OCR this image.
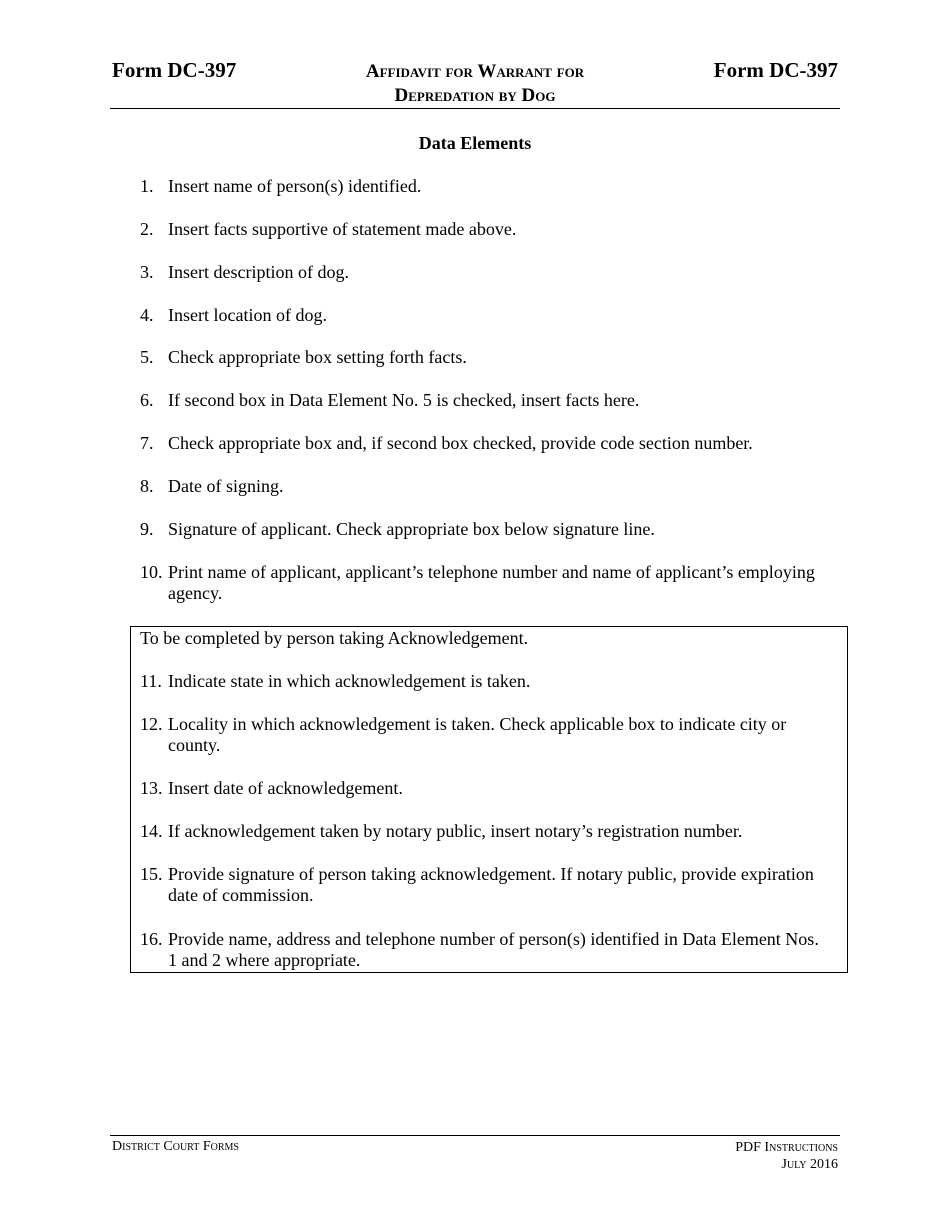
Form DC-397	Affidavit for Warrant for
Depredation by Dog
Form DC-397
Data Elements
1. Insert name of person(s) identified.
2. Insert facts supportive of statement made above.
3. Insert description of dog.
4. Insert location of dog.
5. Check appropriate box setting forth facts.
6. If second box in Data Element No. 5 is checked, insert facts here.
7. Check appropriate box and, if second box checked, provide code section number.
8. Date of signing.
9. Signature of applicant. Check appropriate box below signature line.
10. Print name of applicant, applicant’s telephone number and name of applicant’s employing agency.
To be completed by person taking Acknowledgement.
11. Indicate state in which acknowledgement is taken.
12. Locality in which acknowledgement is taken. Check applicable box to indicate city or county.
13. Insert date of acknowledgement.
14. If acknowledgement taken by notary public, insert notary’s registration number.
15. Provide signature of person taking acknowledgement. If notary public, provide expiration date of commission.
16. Provide name, address and telephone number of person(s) identified in Data Element Nos. 1 and 2 where appropriate.
District Court Forms	PDF Instructions
July 2016
